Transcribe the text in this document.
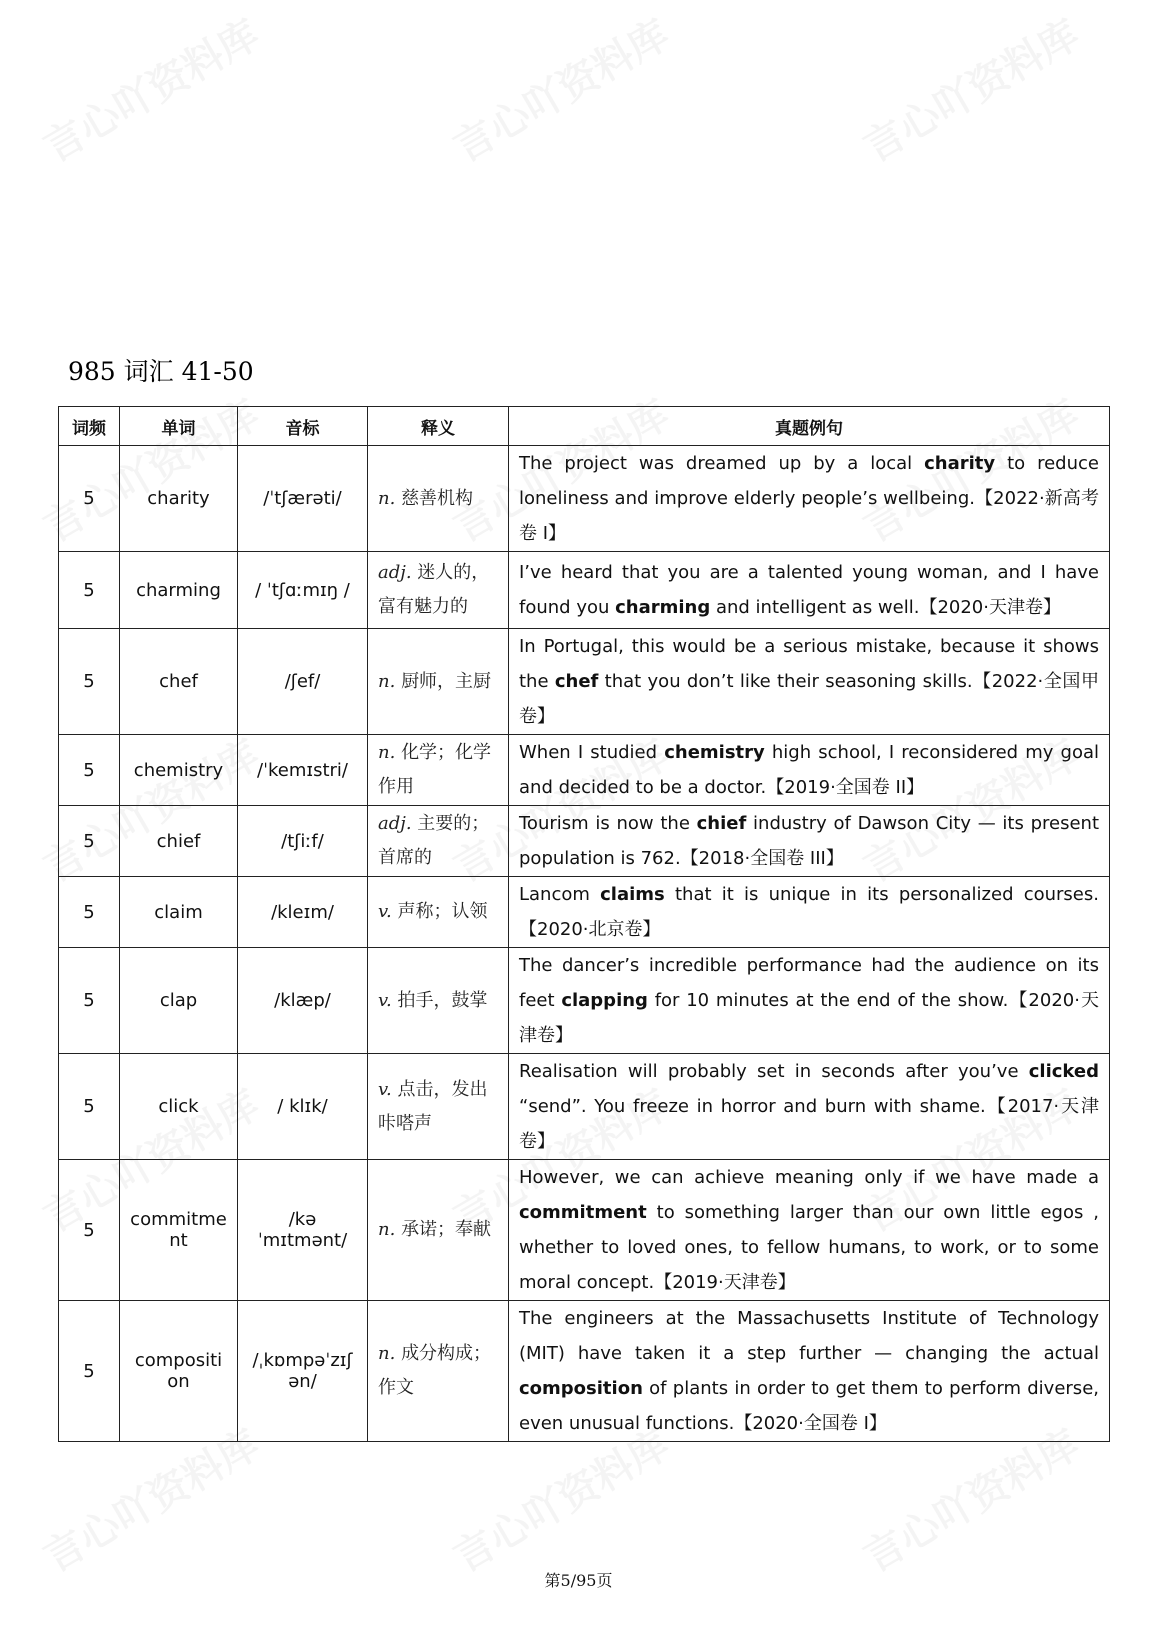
985 词汇 41-50
词频	单词	音标	释义	真题例句
5	charity	/ˈtʃærəti/	n. 慈善机构	The project was dreamed up by a local charity to reduce loneliness and improve elderly people’s wellbeing.【2022·新高考卷 I】
5	charming	/ ˈtʃɑːmɪŋ /	adj. 迷人的，富有魅力的	I’ve heard that you are a talented young woman, and I have found you charming and intelligent as well.【2020·天津卷】
5	chef	/ʃef/	n. 厨师，主厨	In Portugal, this would be a serious mistake, because it shows the chef that you don’t like their seasoning skills.【2022·全国甲卷】
5	chemistry	/ˈkemɪstri/	n. 化学；化学作用	When I studied chemistry high school, I reconsidered my goal and decided to be a doctor.【2019·全国卷 II】
5	chief	/tʃiːf/	adj. 主要的；首席的	Tourism is now the chief industry of Dawson City — its present population is 762.【2018·全国卷 III】
5	claim	/kleɪm/	v. 声称；认领	Lancom claims that it is unique in its personalized courses.【2020·北京卷】
5	clap	/klæp/	v. 拍手，鼓掌	The dancer’s incredible performance had the audience on its feet clapping for 10 minutes at the end of the show.【2020·天津卷】
5	click	/ klɪk/	v. 点击，发出咔嗒声	Realisation will probably set in seconds after you’ve clicked “send”. You freeze in horror and burn with shame.【2017·天津卷】
5	commitment	/kəˈmɪtmənt/	n. 承诺；奉献	However, we can achieve meaning only if we have made a commitment to something larger than our own little egos , whether to loved ones, to fellow humans, to work, or to some moral concept.【2019·天津卷】
5	composition	/ˌkɒmpəˈzɪʃən/	n. 成分构成；作文	The engineers at the Massachusetts Institute of Technology (MIT) have taken it a step further — changing the actual composition of plants in order to get them to perform diverse, even unusual functions.【2020·全国卷 I】
第5/95页
